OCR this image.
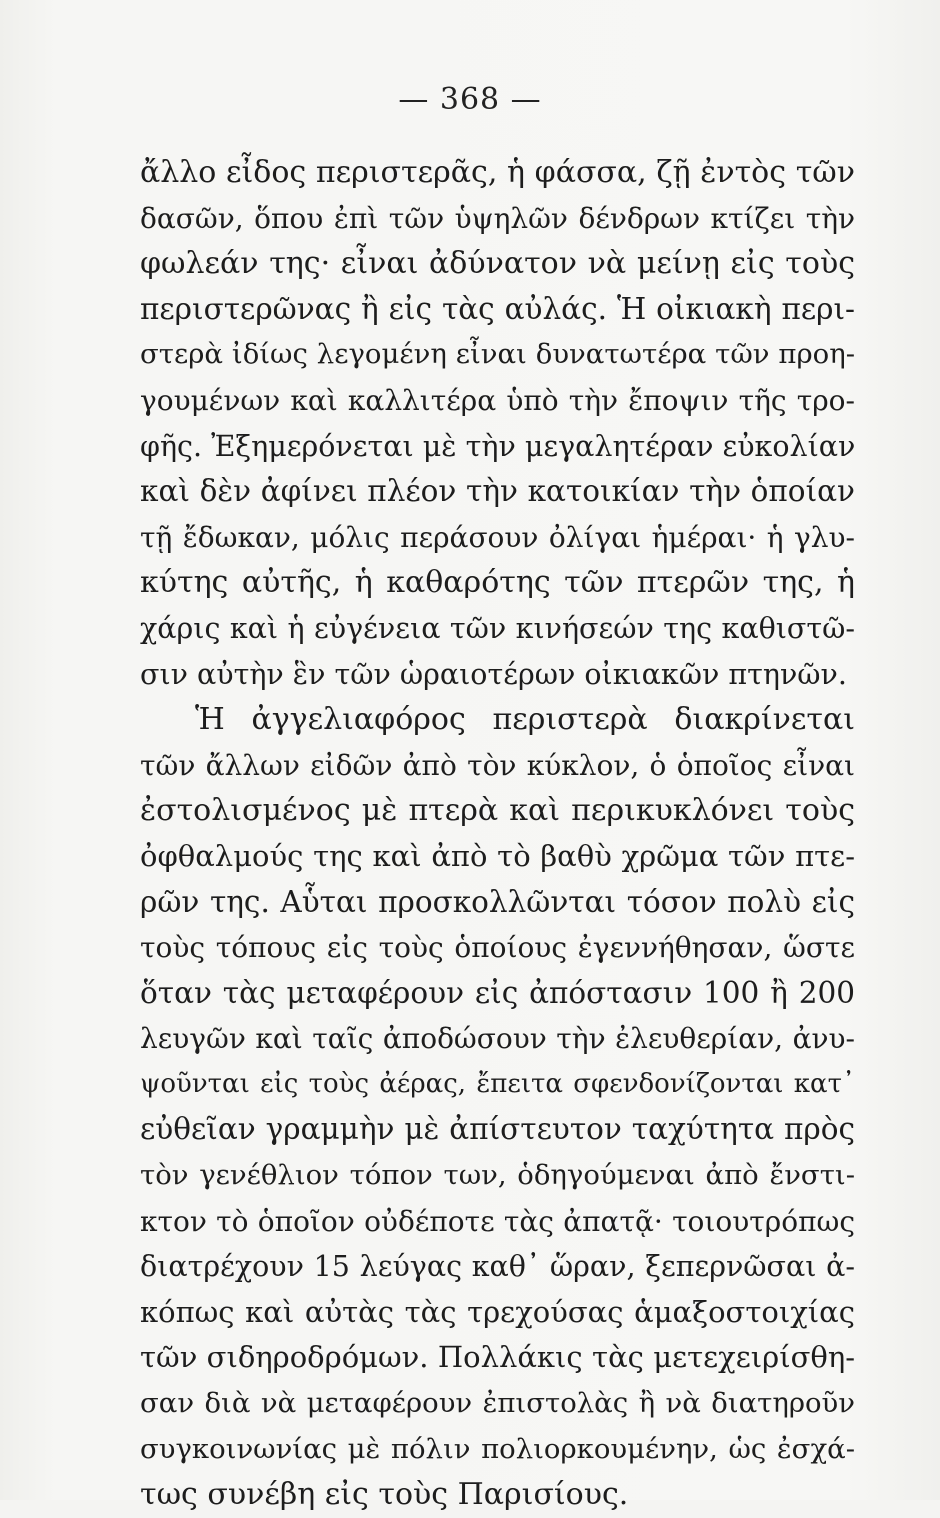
— 368 —
ἄλλο εἶδος περιστερᾶς, ἡ φάσσα, ζῇ ἐντὸς τῶν
δασῶν, ὅπου ἐπὶ τῶν ὑψηλῶν δένδρων κτίζει τὴν
φωλεάν της· εἶναι ἀδύνατον νὰ μείνῃ εἰς τοὺς
περιστερῶνας ἢ εἰς τὰς αὐλάς. Ἡ οἰκιακὴ περι-
στερὰ ἰδίως λεγομένη εἶναι δυνατωτέρα τῶν προη-
γουμένων καὶ καλλιτέρα ὑπὸ τὴν ἔποψιν τῆς τρο-
φῆς. Ἐξημερόνεται μὲ τὴν μεγαλητέραν εὐκολίαν
καὶ δὲν ἀφίνει πλέον τὴν κατοικίαν τὴν ὁποίαν
τῇ ἔδωκαν, μόλις περάσουν ὀλίγαι ἡμέραι· ἡ γλυ-
κύτης αὐτῆς, ἡ καθαρότης τῶν πτερῶν της, ἡ
χάρις καὶ ἡ εὐγένεια τῶν κινήσεών της καθιστῶ-
σιν αὐτὴν ἓν τῶν ὡραιοτέρων οἰκιακῶν πτηνῶν.
Ἡ ἀγγελιαφόρος περιστερὰ διακρίνεται
τῶν ἄλλων εἰδῶν ἀπὸ τὸν κύκλον, ὁ ὁποῖος εἶναι
ἐστολισμένος μὲ πτερὰ καὶ περικυκλόνει τοὺς
ὀφθαλμούς της καὶ ἀπὸ τὸ βαθὺ χρῶμα τῶν πτε-
ρῶν της. Αὗται προσκολλῶνται τόσον πολὺ εἰς
τοὺς τόπους εἰς τοὺς ὁποίους ἐγεννήθησαν, ὥστε
ὅταν τὰς μεταφέρουν εἰς ἀπόστασιν 100 ἢ 200
λευγῶν καὶ ταῖς ἀποδώσουν τὴν ἐλευθερίαν, ἀνυ-
ψοῦνται εἰς τοὺς ἀέρας, ἔπειτα σφενδονίζονται κατ᾽
εὐθεῖαν γραμμὴν μὲ ἀπίστευτον ταχύτητα πρὸς
τὸν γενέθλιον τόπον των, ὁδηγούμεναι ἀπὸ ἔνστι-
κτον τὸ ὁποῖον οὐδέποτε τὰς ἀπατᾷ· τοιουτρόπως
διατρέχουν 15 λεύγας καθ᾽ ὥραν, ξεπερνῶσαι ἀ-
κόπως καὶ αὐτὰς τὰς τρεχούσας ἁμαξοστοιχίας
τῶν σιδηροδρόμων. Πολλάκις τὰς μετεχειρίσθη-
σαν διὰ νὰ μεταφέρουν ἐπιστολὰς ἢ νὰ διατηροῦν
συγκοινωνίας μὲ πόλιν πολιορκουμένην, ὡς ἐσχά-
τως συνέβη εἰς τοὺς Παρισίους.
